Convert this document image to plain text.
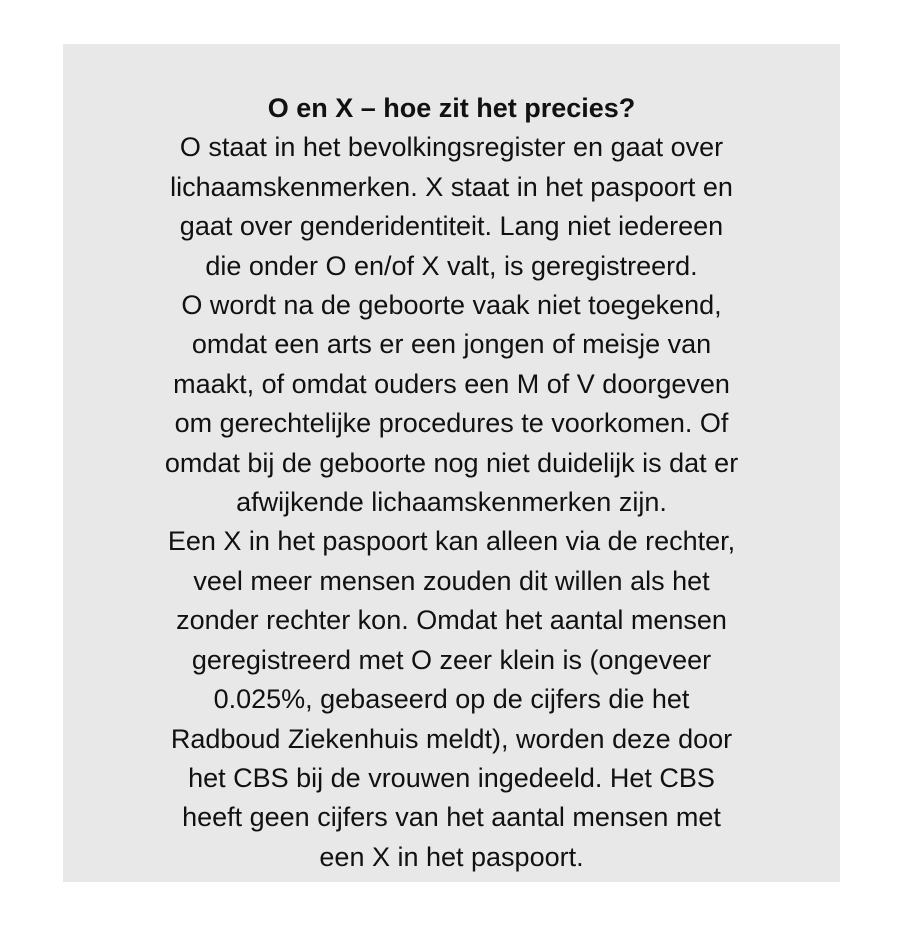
O en X – hoe zit het precies?
O staat in het bevolkingsregister en gaat over
lichaamskenmerken. X staat in het paspoort en
gaat over genderidentiteit. Lang niet iedereen
die onder O en/of X valt, is geregistreerd.
O wordt na de geboorte vaak niet toegekend,
omdat een arts er een jongen of meisje van
maakt, of omdat ouders een M of V doorgeven
om gerechtelijke procedures te voorkomen. Of
omdat bij de geboorte nog niet duidelijk is dat er
afwijkende lichaamskenmerken zijn.
Een X in het paspoort kan alleen via de rechter,
veel meer mensen zouden dit willen als het
zonder rechter kon. Omdat het aantal mensen
geregistreerd met O zeer klein is (ongeveer
0.025%, gebaseerd op de cijfers die het
Radboud Ziekenhuis meldt), worden deze door
het CBS bij de vrouwen ingedeeld. Het CBS
heeft geen cijfers van het aantal mensen met
een X in het paspoort.
